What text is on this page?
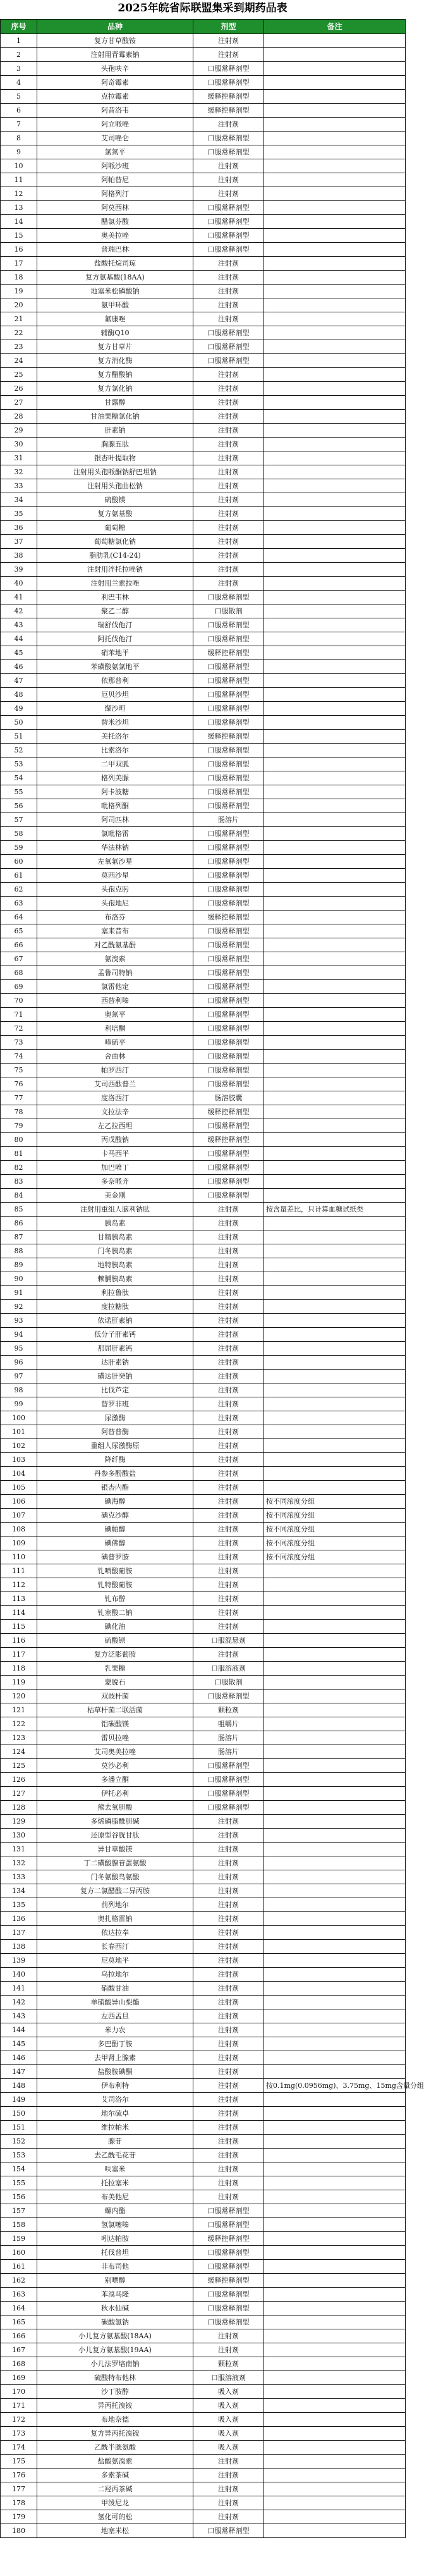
2025年皖省际联盟集采到期药品表
序号	品种	剂型	备注
1	复方甘草酸铵	注射剂	
2	注射用青霉素钠	注射剂	
3	头孢呋辛	口服常释剂型	
4	阿奇霉素	口服常释剂型	
5	克拉霉素	缓释控释剂型	
6	阿昔洛韦	缓释控释剂型	
7	阿立哌唑	注射剂	
8	艾司唑仑	口服常释剂型	
9	氯氮平	口服常释剂型	
10	阿哌沙班	注射剂	
11	阿帕替尼	注射剂	
12	阿格列汀	注射剂	
13	阿莫西林	口服常释剂型	
14	醋氯芬酸	口服常释剂型	
15	奥美拉唑	口服常释剂型	
16	普瑞巴林	口服常释剂型	
17	盐酸托烷司琼	注射剂	
18	复方氨基酸(18AA)	注射剂	
19	地塞米松磷酸钠	注射剂	
20	氨甲环酸	注射剂	
21	氟康唑	注射剂	
22	辅酶Q10	口服常释剂型	
23	复方甘草片	口服常释剂型	
24	复方消化酶	口服常释剂型	
25	复方醋酸钠	注射剂	
26	复方氯化钠	注射剂	
27	甘露醇	注射剂	
28	甘油果糖氯化钠	注射剂	
29	肝素钠	注射剂	
30	胸腺五肽	注射剂	
31	银杏叶提取物	注射剂	
32	注射用头孢哌酮钠舒巴坦钠	注射剂	
33	注射用头孢曲松钠	注射剂	
34	硫酸镁	注射剂	
35	复方氨基酸	注射剂	
36	葡萄糖	注射剂	
37	葡萄糖氯化钠	注射剂	
38	脂肪乳(C14-24)	注射剂	
39	注射用泮托拉唑钠	注射剂	
40	注射用兰索拉唑	注射剂	
41	利巴韦林	口服常释剂型	
42	聚乙二醇	口服散剂	
43	瑞舒伐他汀	口服常释剂型	
44	阿托伐他汀	口服常释剂型	
45	硝苯地平	缓释控释剂型	
46	苯磺酸氨氯地平	口服常释剂型	
47	依那普利	口服常释剂型	
48	厄贝沙坦	口服常释剂型	
49	缬沙坦	口服常释剂型	
50	替米沙坦	口服常释剂型	
51	美托洛尔	缓释控释剂型	
52	比索洛尔	口服常释剂型	
53	二甲双胍	口服常释剂型	
54	格列美脲	口服常释剂型	
55	阿卡波糖	口服常释剂型	
56	吡格列酮	口服常释剂型	
57	阿司匹林	肠溶片	
58	氯吡格雷	口服常释剂型	
59	华法林钠	口服常释剂型	
60	左氧氟沙星	口服常释剂型	
61	莫西沙星	口服常释剂型	
62	头孢克肟	口服常释剂型	
63	头孢地尼	口服常释剂型	
64	布洛芬	缓释控释剂型	
65	塞来昔布	口服常释剂型	
66	对乙酰氨基酚	口服常释剂型	
67	氨溴索	口服常释剂型	
68	孟鲁司特钠	口服常释剂型	
69	氯雷他定	口服常释剂型	
70	西替利嗪	口服常释剂型	
71	奥氮平	口服常释剂型	
72	利培酮	口服常释剂型	
73	喹硫平	口服常释剂型	
74	舍曲林	口服常释剂型	
75	帕罗西汀	口服常释剂型	
76	艾司西酞普兰	口服常释剂型	
77	度洛西汀	肠溶胶囊	
78	文拉法辛	缓释控释剂型	
79	左乙拉西坦	口服常释剂型	
80	丙戊酸钠	缓释控释剂型	
81	卡马西平	口服常释剂型	
82	加巴喷丁	口服常释剂型	
83	多奈哌齐	口服常释剂型	
84	美金刚	口服常释剂型	
85	注射用重组人脑利钠肽	注射剂	按含量差比，只计算血糖试纸类
86	胰岛素	注射剂	
87	甘精胰岛素	注射剂	
88	门冬胰岛素	注射剂	
89	地特胰岛素	注射剂	
90	赖脯胰岛素	注射剂	
91	利拉鲁肽	注射剂	
92	度拉糖肽	注射剂	
93	依诺肝素钠	注射剂	
94	低分子肝素钙	注射剂	
95	那屈肝素钙	注射剂	
96	达肝素钠	注射剂	
97	磺达肝癸钠	注射剂	
98	比伐芦定	注射剂	
99	替罗非班	注射剂	
100	尿激酶	注射剂	
101	阿替普酶	注射剂	
102	重组人尿激酶原	注射剂	
103	降纤酶	注射剂	
104	丹参多酚酸盐	注射剂	
105	银杏内酯	注射剂	
106	碘海醇	注射剂	按不同浓度分组
107	碘克沙醇	注射剂	按不同浓度分组
108	碘帕醇	注射剂	按不同浓度分组
109	碘佛醇	注射剂	按不同浓度分组
110	碘普罗胺	注射剂	按不同浓度分组
111	钆喷酸葡胺	注射剂	
112	钆特酸葡胺	注射剂	
113	钆布醇	注射剂	
114	钆塞酸二钠	注射剂	
115	碘化油	注射剂	
116	硫酸钡	口服混悬剂	
117	复方泛影葡胺	注射剂	
118	乳果糖	口服溶液剂	
119	蒙脱石	口服散剂	
120	双歧杆菌	口服常释剂型	
121	枯草杆菌二联活菌	颗粒剂	
122	铝碳酸镁	咀嚼片	
123	雷贝拉唑	肠溶片	
124	艾司奥美拉唑	肠溶片	
125	莫沙必利	口服常释剂型	
126	多潘立酮	口服常释剂型	
127	伊托必利	口服常释剂型	
128	熊去氧胆酸	口服常释剂型	
129	多烯磷脂酰胆碱	注射剂	
130	还原型谷胱甘肽	注射剂	
131	异甘草酸镁	注射剂	
132	丁二磺酸腺苷蛋氨酸	注射剂	
133	门冬氨酸鸟氨酸	注射剂	
134	复方二氯醋酸二异丙胺	注射剂	
135	前列地尔	注射剂	
136	奥扎格雷钠	注射剂	
137	依达拉奉	注射剂	
138	长春西汀	注射剂	
139	尼莫地平	注射剂	
140	乌拉地尔	注射剂	
141	硝酸甘油	注射剂	
142	单硝酸异山梨酯	注射剂	
143	左西孟旦	注射剂	
144	米力农	注射剂	
145	多巴酚丁胺	注射剂	
146	去甲肾上腺素	注射剂	
147	盐酸胺碘酮	注射剂	
148	伊布利特	注射剂	按0.1mg(0.0956mg)、3.75mg、15mg含量分组
149	艾司洛尔	注射剂	
150	地尔硫卓	注射剂	
151	维拉帕米	注射剂	
152	腺苷	注射剂	
153	去乙酰毛花苷	注射剂	
154	呋塞米	注射剂	
155	托拉塞米	注射剂	
156	布美他尼	注射剂	
157	螺内酯	口服常释剂型	
158	氢氯噻嗪	口服常释剂型	
159	吲达帕胺	缓释控释剂型	
160	托伐普坦	口服常释剂型	
161	非布司他	口服常释剂型	
162	别嘌醇	缓释控释剂型	
163	苯溴马隆	口服常释剂型	
164	秋水仙碱	口服常释剂型	
165	碳酸氢钠	口服常释剂型	
166	小儿复方氨基酸(18AA)	注射剂	
167	小儿复方氨基酸(19AA)	注射剂	
168	小儿法罗培南钠	颗粒剂	
169	硫酸特布他林	口服溶液剂	
170	沙丁胺醇	吸入剂	
171	异丙托溴铵	吸入剂	
172	布地奈德	吸入剂	
173	复方异丙托溴铵	吸入剂	
174	乙酰半胱氨酸	吸入剂	
175	盐酸氨溴索	注射剂	
176	多索茶碱	注射剂	
177	二羟丙茶碱	注射剂	
178	甲泼尼龙	注射剂	
179	氢化可的松	注射剂	
180	地塞米松	口服常释剂型	
